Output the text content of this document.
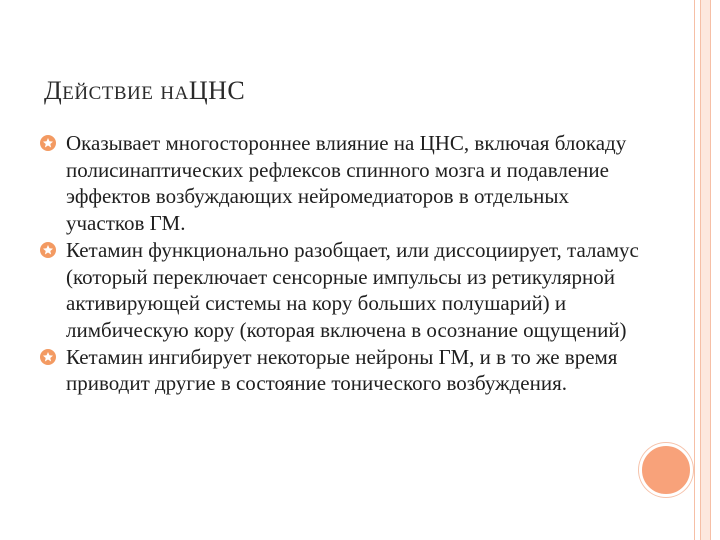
ДЕЙСТВИЕ НАЦНС
Оказывает многостороннее влияние на ЦНС, включая блокаду полисинаптических рефлексов спинного мозга и подавление эффектов возбуждающих нейромедиаторов в отдельных участков ГМ.
Кетамин функционально разобщает, или диссоциирует, таламус (который переключает сенсорные импульсы из ретикулярной активирующей системы на кору больших полушарий) и лимбическую кору (которая включена в осознание ощущений)
Кетамин ингибирует некоторые нейроны ГМ, и в то же время приводит другие в состояние тонического возбуждения.
